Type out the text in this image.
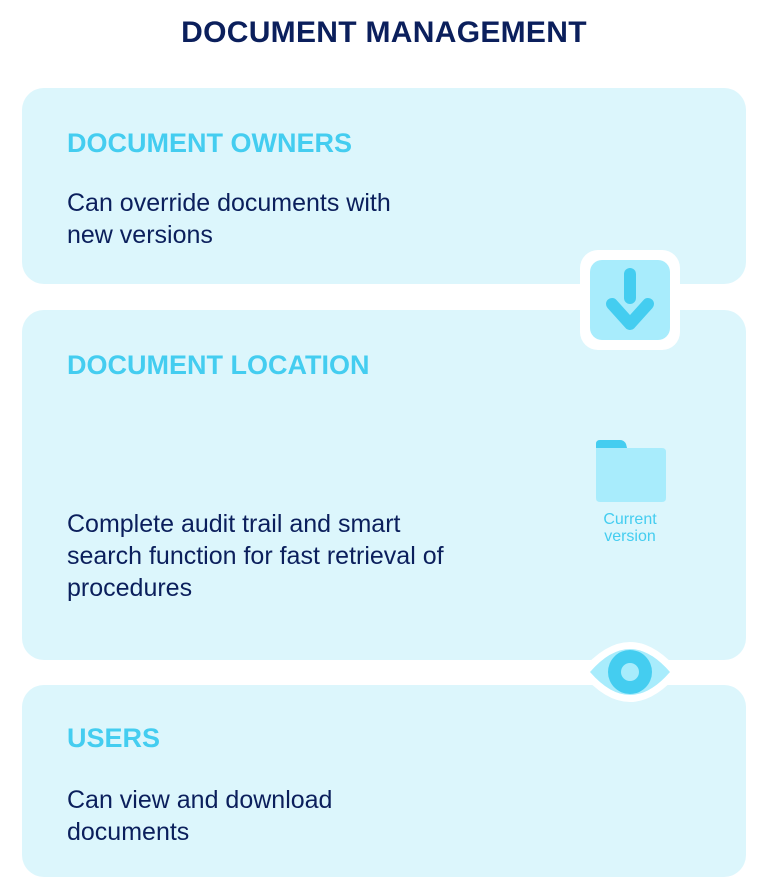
DOCUMENT MANAGEMENT
DOCUMENT OWNERS
Can override documents with new versions
DOCUMENT LOCATION
Complete audit trail and smart search function for fast retrieval of procedures
USERS
Can view and download documents
Current version
